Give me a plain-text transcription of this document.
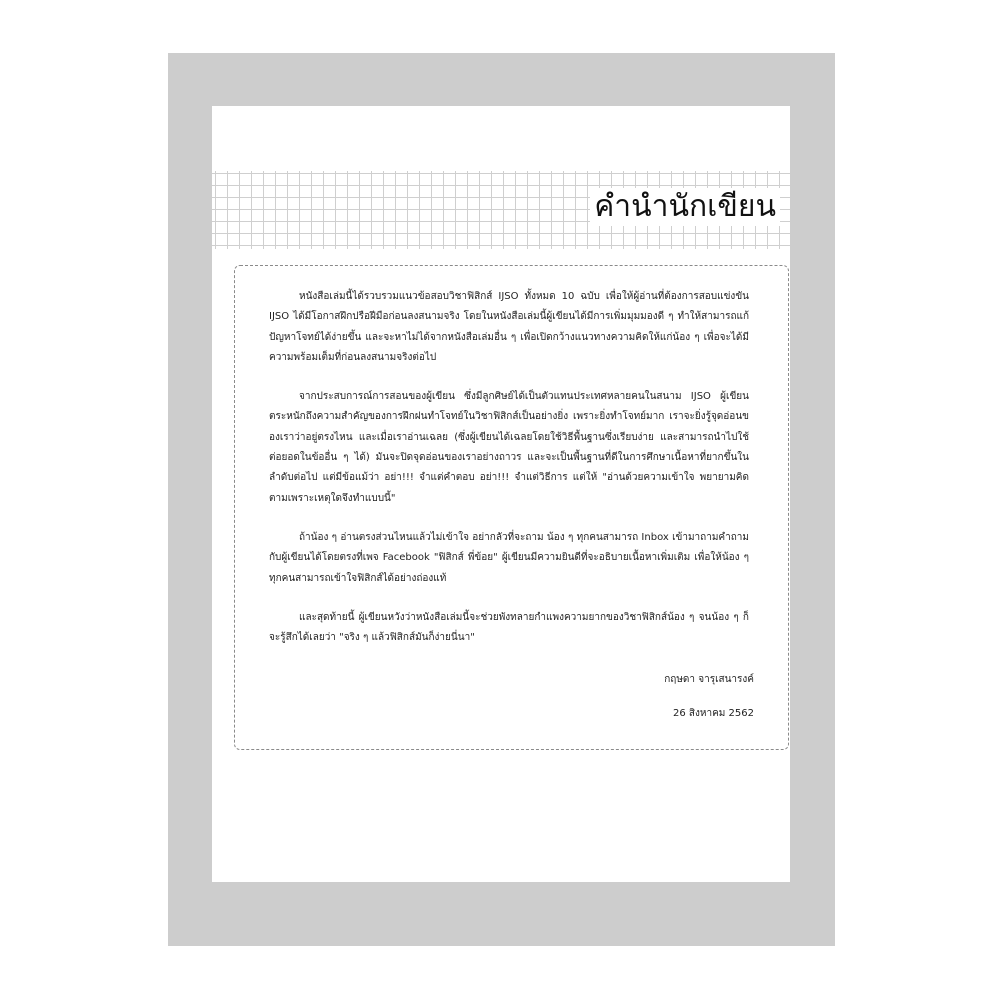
คำนำนักเขียน

หนังสือเล่มนี้ได้รวบรวมแนวข้อสอบวิชาฟิสิกส์ IJSO ทั้งหมด 10 ฉบับ เพื่อให้ผู้อ่านที่ต้องการสอบแข่งขัน IJSO ได้มีโอกาสฝึกปรือฝีมือก่อนลงสนามจริง โดยในหนังสือเล่มนี้ผู้เขียนได้มีการเพิ่มมุมมองดี ๆ ทำให้สามารถแก้ปัญหาโจทย์ได้ง่ายขึ้น และจะหาไม่ได้จากหนังสือเล่มอื่น ๆ เพื่อเปิดกว้างแนวทางความคิดให้แก่น้อง ๆ เพื่อจะได้มีความพร้อมเต็มที่ก่อนลงสนามจริงต่อไป

จากประสบการณ์การสอนของผู้เขียน ซึ่งมีลูกศิษย์ได้เป็นตัวแทนประเทศหลายคนในสนาม IJSO ผู้เขียนตระหนักถึงความสำคัญของการฝึกฝนทำโจทย์ในวิชาฟิสิกส์เป็นอย่างยิ่ง เพราะยิ่งทำโจทย์มาก เราจะยิ่งรู้จุดอ่อนของเราว่าอยู่ตรงไหน และเมื่อเราอ่านเฉลย (ซึ่งผู้เขียนได้เฉลยโดยใช้วิธีพื้นฐานซึ่งเรียบง่าย และสามารถนำไปใช้ต่อยอดในข้ออื่น ๆ ได้) มันจะปิดจุดอ่อนของเราอย่างถาวร และจะเป็นพื้นฐานที่ดีในการศึกษาเนื้อหาที่ยากขึ้นในลำดับต่อไป แต่มีข้อแม้ว่า อย่า!!! จำแต่คำตอบ อย่า!!! จำแต่วิธีการ แต่ให้ "อ่านด้วยความเข้าใจ พยายามคิดตามเพราะเหตุใดจึงทำแบบนี้"

ถ้าน้อง ๆ อ่านตรงส่วนไหนแล้วไม่เข้าใจ อย่ากลัวที่จะถาม น้อง ๆ ทุกคนสามารถ Inbox เข้ามาถามคำถามกับผู้เขียนได้โดยตรงที่เพจ Facebook "ฟิสิกส์ พี่ข้อย" ผู้เขียนมีความยินดีที่จะอธิบายเนื้อหาเพิ่มเติม เพื่อให้น้อง ๆ ทุกคนสามารถเข้าใจฟิสิกส์ได้อย่างถ่องแท้

และสุดท้ายนี้ ผู้เขียนหวังว่าหนังสือเล่มนี้จะช่วยพังทลายกำแพงความยากของวิชาฟิสิกส์น้อง ๆ จนน้อง ๆ ก็จะรู้สึกได้เลยว่า "จริง ๆ แล้วฟิสิกส์มันก็ง่ายนี่นา"

กฤษดา จารุเสนารงค์
26 สิงหาคม 2562
